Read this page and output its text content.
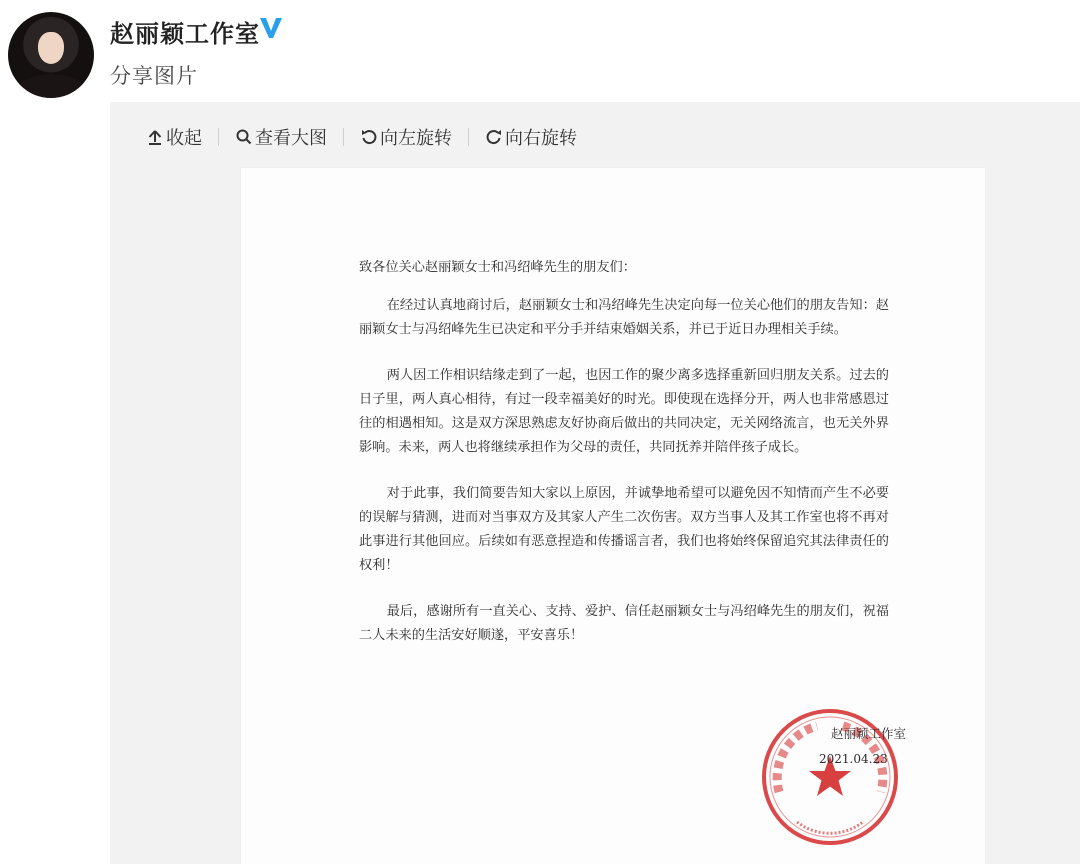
赵丽颖工作室
分享图片
收起	查看大图	向左旋转	向右旋转
致各位关心赵丽颖女士和冯绍峰先生的朋友们：
在经过认真地商讨后，赵丽颖女士和冯绍峰先生决定向每一位关心他们的朋友告知：赵丽颖女士与冯绍峰先生已决定和平分手并结束婚姻关系，并已于近日办理相关手续。
两人因工作相识结缘走到了一起，也因工作的聚少离多选择重新回归朋友关系。过去的日子里，两人真心相待，有过一段幸福美好的时光。即使现在选择分开，两人也非常感恩过往的相遇相知。这是双方深思熟虑友好协商后做出的共同决定，无关网络流言，也无关外界影响。未来，两人也将继续承担作为父母的责任，共同抚养并陪伴孩子成长。
对于此事，我们简要告知大家以上原因，并诚挚地希望可以避免因不知情而产生不必要的误解与猜测，进而对当事双方及其家人产生二次伤害。双方当事人及其工作室也将不再对此事进行其他回应。后续如有恶意捏造和传播谣言者，我们也将始终保留追究其法律责任的权利！
最后，感谢所有一直关心、支持、爱护、信任赵丽颖女士与冯绍峰先生的朋友们，祝福二人未来的生活安好顺遂，平安喜乐！
赵丽颖工作室
2021.04.23
